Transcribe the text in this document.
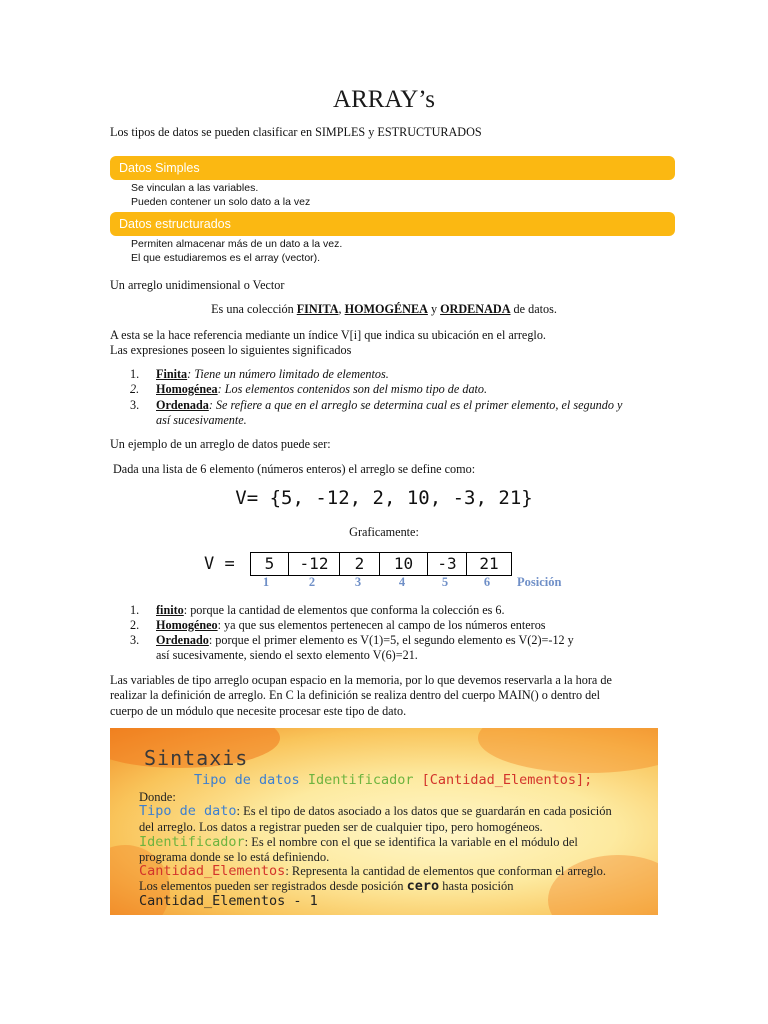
ARRAY’s
Los tipos de datos se pueden clasificar en SIMPLES y ESTRUCTURADOS
Datos Simples
Se vinculan a las variables.
Pueden contener un solo dato a la vez
Datos estructurados
Permiten almacenar más de un dato a la vez.
El que estudiaremos es el array (vector).
Un arreglo unidimensional o Vector
Es una colección FINITA, HOMOGÉNEA y ORDENADA de datos.
A esta se la hace referencia mediante un índice V[i] que indica su ubicación en el arreglo.
Las expresiones poseen lo siguientes significados
1.	Finita: Tiene un número limitado de elementos.
2.	Homogénea: Los elementos contenidos son del mismo tipo de dato.
3.	Ordenada: Se refiere a que en el arreglo se determina cual es el primer elemento, el segundo y
así sucesivamente.
Un ejemplo de un arreglo de datos puede ser:
Dada una lista de 6 elemento (números enteros) el arreglo se define como:
V= {5, -12, 2, 10, -3, 21}
Graficamente:
V =	5	-12	2	10	-3	21
1	2	3	4	5	6	Posición
1.	finito: porque la cantidad de elementos que conforma la colección es 6.
2.	Homogéneo: ya que sus elementos pertenecen al campo de los números enteros
3.	Ordenado: porque el primer elemento es V(1)=5, el segundo elemento es V(2)=-12 y
así sucesivamente, siendo el sexto elemento V(6)=21.
Las variables de tipo arreglo ocupan espacio en la memoria, por lo que devemos reservarla a la hora de
realizar la definición de arreglo. En C la definición se realiza dentro del cuerpo MAIN() o dentro del
cuerpo de un módulo que necesite procesar este tipo de dato.
Sintaxis
Tipo de datos Identificador [Cantidad_Elementos];
Donde:
Tipo de dato: Es el tipo de datos asociado a los datos que se guardarán en cada posición
del arreglo. Los datos a registrar pueden ser de cualquier tipo, pero homogéneos.
Identificador: Es el nombre con el que se identifica la variable en el módulo del
programa donde se lo está definiendo.
Cantidad_Elementos: Representa la cantidad de elementos que conforman el arreglo.
Los elementos pueden ser registrados desde posición cero hasta posición
Cantidad_Elementos - 1
